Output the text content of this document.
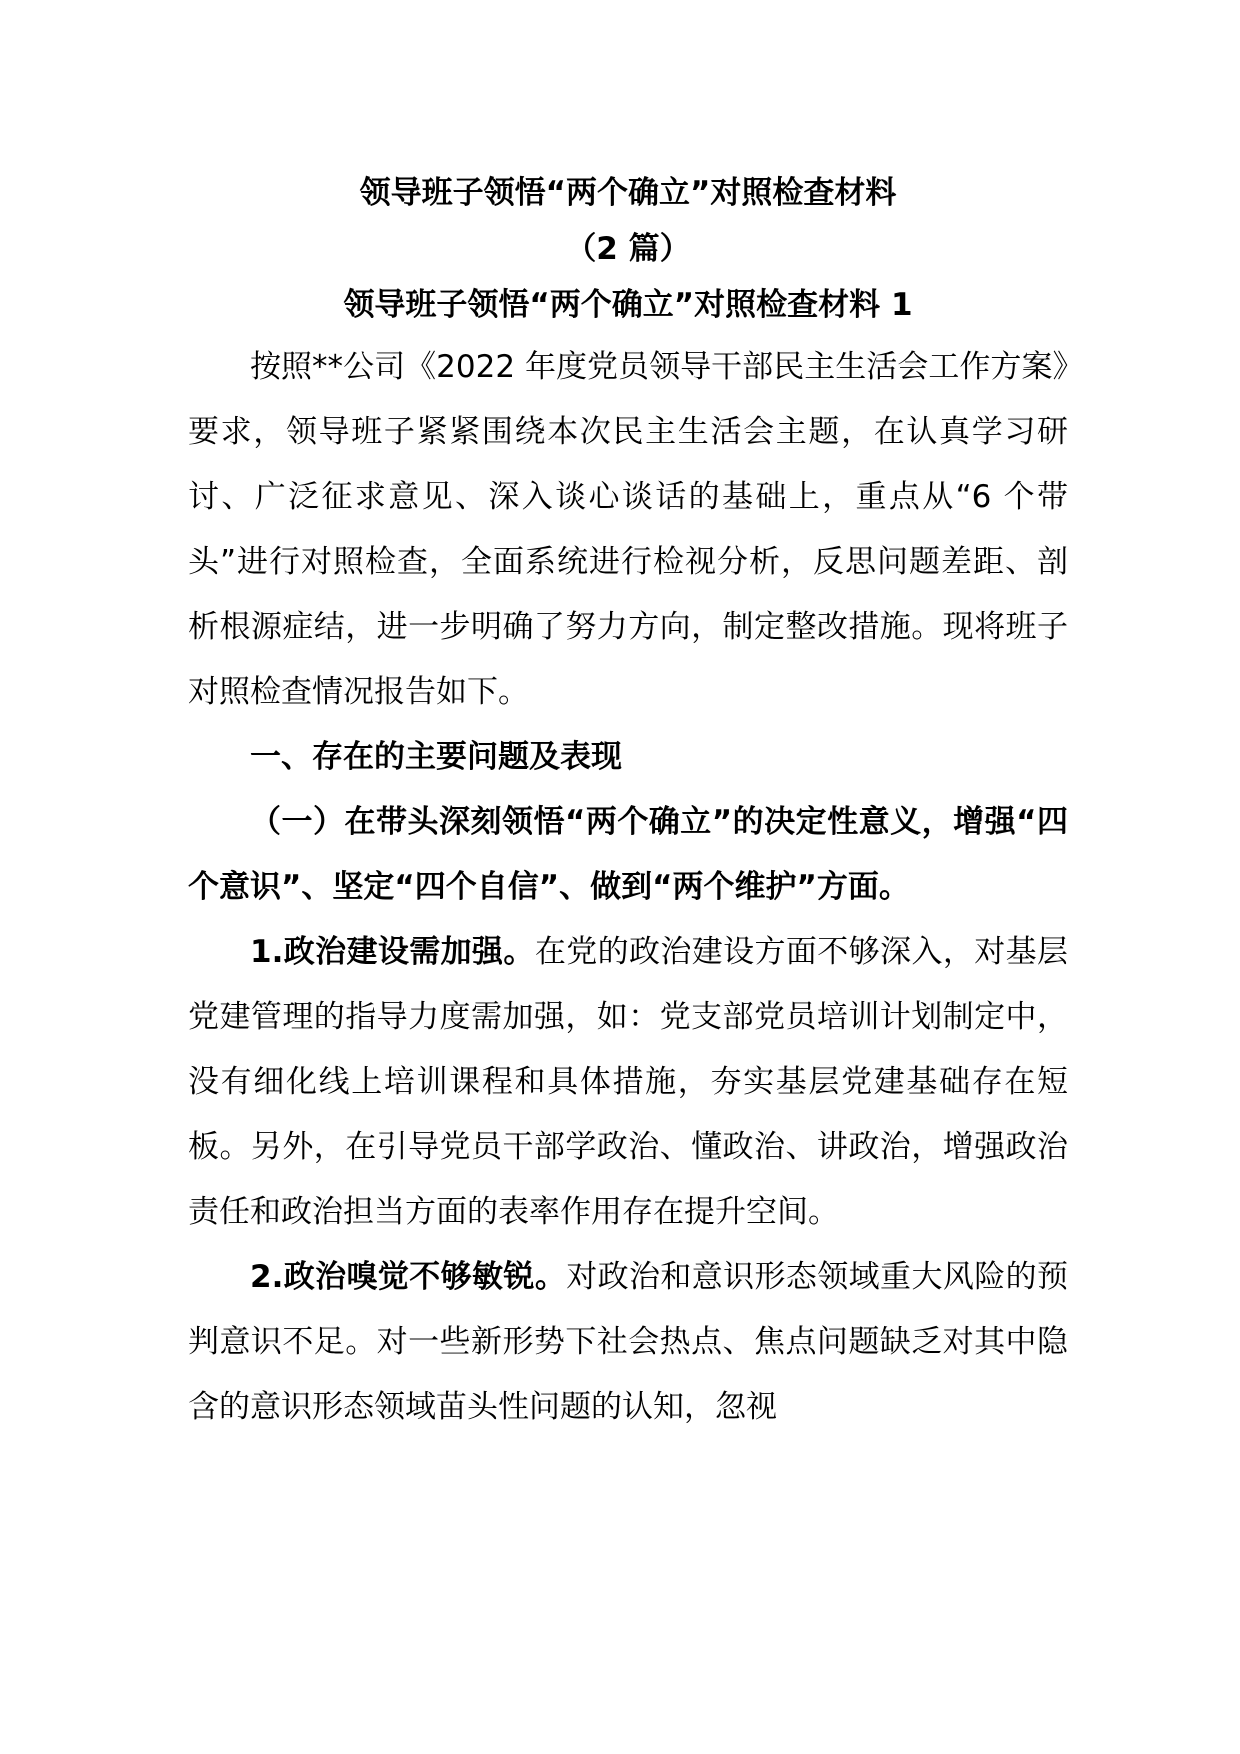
领导班子领悟“两个确立”对照检查材料

（2 篇）

领导班子领悟“两个确立”对照检查材料 1

按照**公司《2022 年度党员领导干部民主生活会工作方案》要求，领导班子紧紧围绕本次民主生活会主题，在认真学习研讨、广泛征求意见、深入谈心谈话的基础上，重点从“6 个带头”进行对照检查，全面系统进行检视分析，反思问题差距、剖析根源症结，进一步明确了努力方向，制定整改措施。现将班子对照检查情况报告如下。

一、存在的主要问题及表现

（一）在带头深刻领悟“两个确立”的决定性意义，增强“四个意识”、坚定“四个自信”、做到“两个维护”方面。

1.政治建设需加强。在党的政治建设方面不够深入，对基层党建管理的指导力度需加强，如：党支部党员培训计划制定中，没有细化线上培训课程和具体措施，夯实基层党建基础存在短板。另外，在引导党员干部学政治、懂政治、讲政治，增强政治责任和政治担当方面的表率作用存在提升空间。

2.政治嗅觉不够敏锐。对政治和意识形态领域重大风险的预判意识不足。对一些新形势下社会热点、焦点问题缺乏对其中隐含的意识形态领域苗头性问题的认知，忽视
